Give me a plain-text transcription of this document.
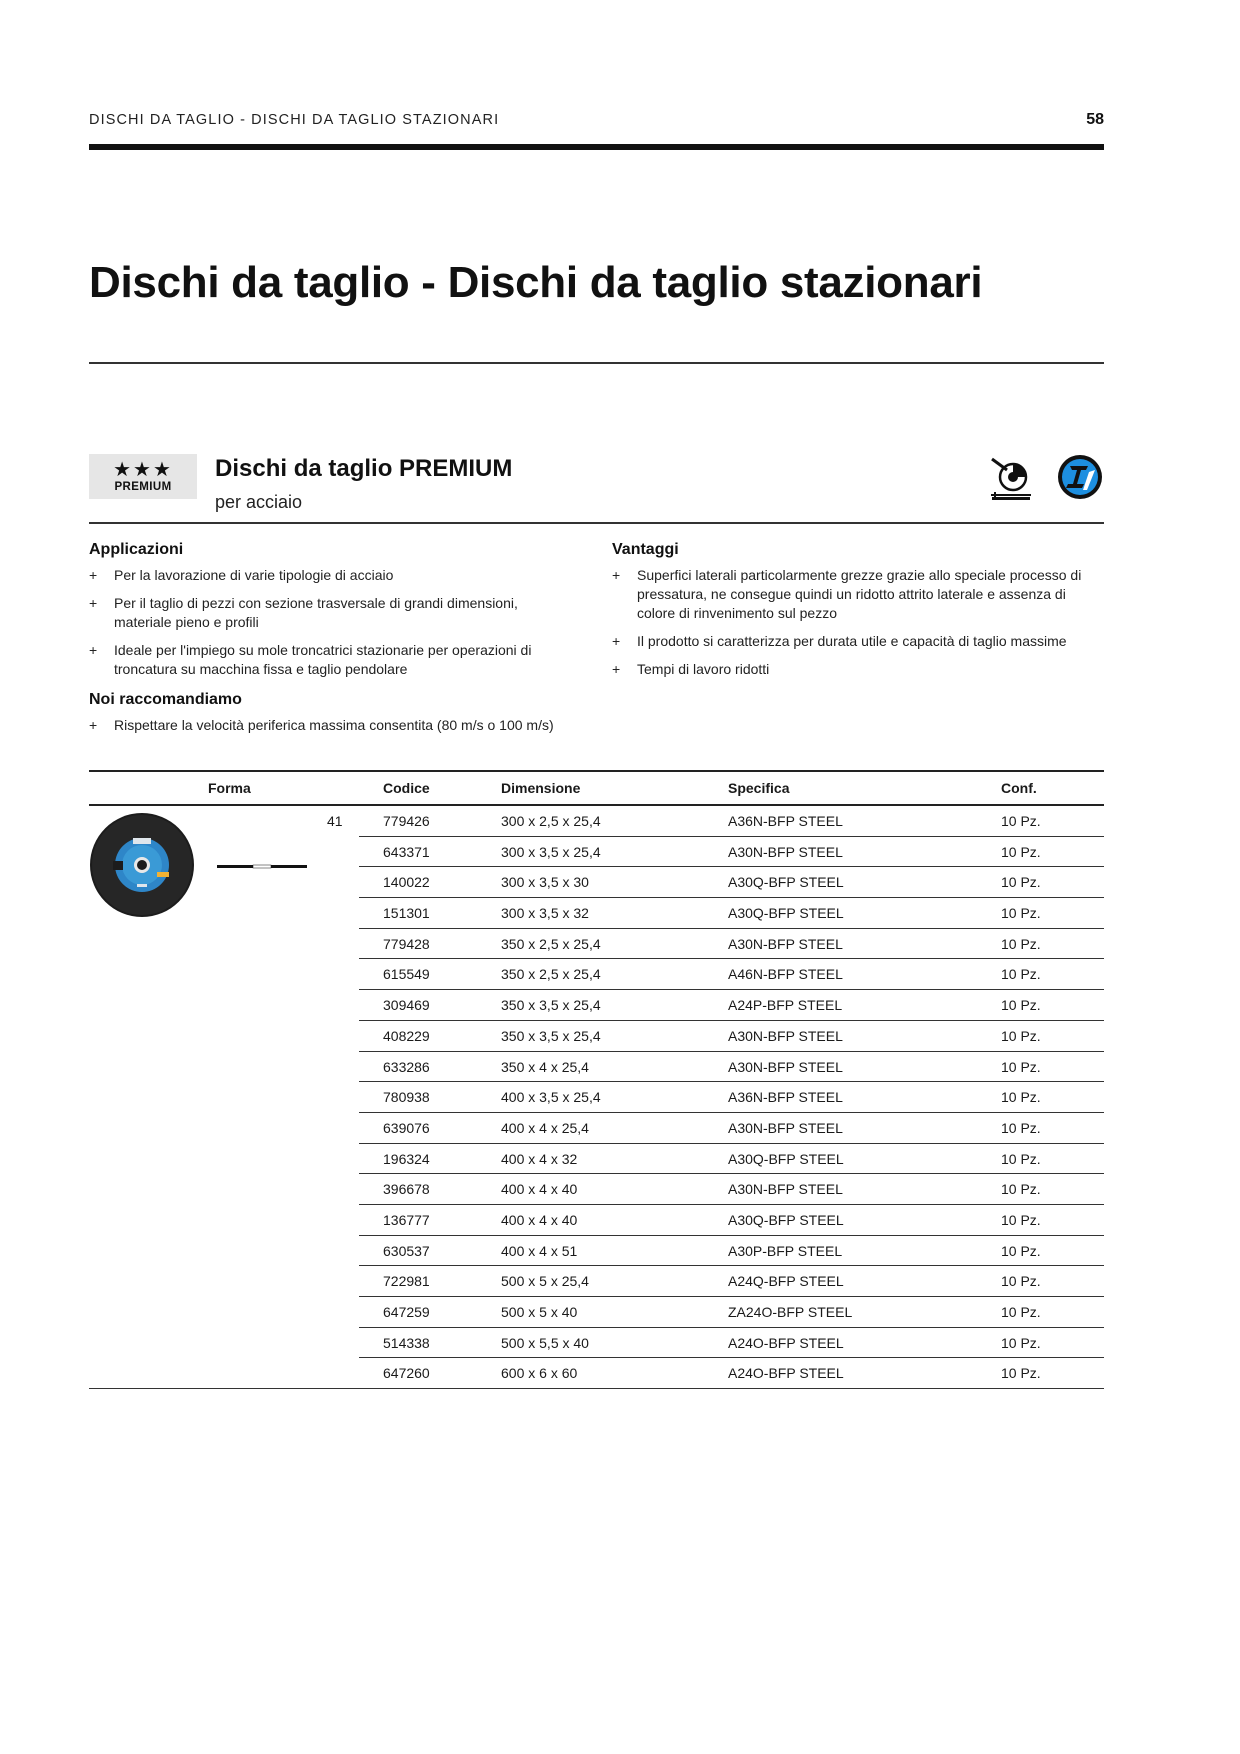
DISCHI DA TAGLIO - DISCHI DA TAGLIO STAZIONARI	58
Dischi da taglio - Dischi da taglio stazionari
★★★
PREMIUM
Dischi da taglio PREMIUM
per acciaio
Applicazioni
+ Per la lavorazione di varie tipologie di acciaio
+ Per il taglio di pezzi con sezione trasversale di grandi dimensioni, materiale pieno e profili
+ Ideale per l'impiego su mole troncatrici stazionarie per operazioni di troncatura su macchina fissa e taglio pendolare
Noi raccomandiamo
+ Rispettare la velocità periferica massima consentita (80 m/s o 100 m/s)
Vantaggi
+ Superfici laterali particolarmente grezze grazie allo speciale processo di pressatura, ne consegue quindi un ridotto attrito laterale e assenza di colore di rinvenimento sul pezzo
+ Il prodotto si caratterizza per durata utile e capacità di taglio massime
+ Tempi di lavoro ridotti
Forma	Codice	Dimensione	Specifica	Conf.
779426	300 x 2,5 x 25,4	A36N-BFP STEEL	10 Pz.
643371	300 x 3,5 x 25,4	A30N-BFP STEEL	10 Pz.
140022	300 x 3,5 x 30	A30Q-BFP STEEL	10 Pz.
151301	300 x 3,5 x 32	A30Q-BFP STEEL	10 Pz.
779428	350 x 2,5 x 25,4	A30N-BFP STEEL	10 Pz.
615549	350 x 2,5 x 25,4	A46N-BFP STEEL	10 Pz.
309469	350 x 3,5 x 25,4	A24P-BFP STEEL	10 Pz.
408229	350 x 3,5 x 25,4	A30N-BFP STEEL	10 Pz.
633286	350 x 4 x 25,4	A30N-BFP STEEL	10 Pz.
780938	400 x 3,5 x 25,4	A36N-BFP STEEL	10 Pz.
639076	400 x 4 x 25,4	A30N-BFP STEEL	10 Pz.
196324	400 x 4 x 32	A30Q-BFP STEEL	10 Pz.
396678	400 x 4 x 40	A30N-BFP STEEL	10 Pz.
136777	400 x 4 x 40	A30Q-BFP STEEL	10 Pz.
630537	400 x 4 x 51	A30P-BFP STEEL	10 Pz.
722981	500 x 5 x 25,4	A24Q-BFP STEEL	10 Pz.
647259	500 x 5 x 40	ZA24O-BFP STEEL	10 Pz.
514338	500 x 5,5 x 40	A24O-BFP STEEL	10 Pz.
647260	600 x 6 x 60	A24O-BFP STEEL	10 Pz.
41
